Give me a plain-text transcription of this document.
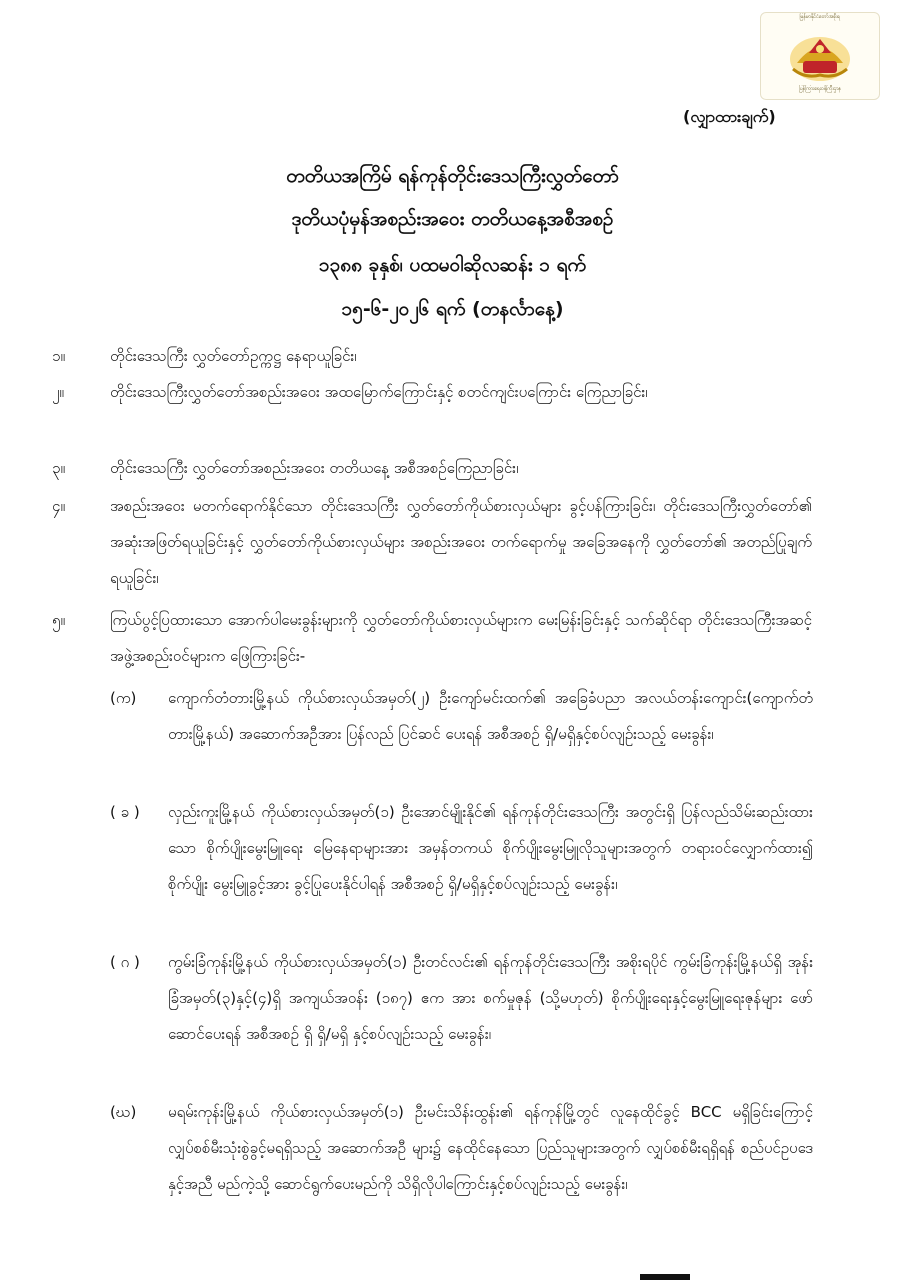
မြန်မာနိုင်ငံတော်အစိုးရ
ပြန်ကြားရေးဝန်ကြီးဌာန
(လျှာထားချက်)
တတိယအကြိမ် ရန်ကုန်တိုင်းဒေသကြီးလွှတ်တော်
ဒုတိယပုံမှန်အစည်းအဝေး တတိယနေ့အစီအစဉ်
၁၃၈၈ ခုနှစ်၊ ပထမဝါဆိုလဆန်း ၁ ရက်
၁၅-၆-၂၀၂၆ ရက် (တနင်္လာနေ့)
၁။	တိုင်းဒေသကြီး လွှတ်တော်ဥက္ကဋ္ဌ နေရာယူခြင်း၊
၂။	တိုင်းဒေသကြီးလွှတ်တော်အစည်းအဝေး အထမြောက်ကြောင်းနှင့် စတင်ကျင်းပကြောင်း ကြေညာခြင်း၊
၃။	တိုင်းဒေသကြီး လွှတ်တော်အစည်းအဝေး တတိယနေ့ အစီအစဉ်ကြေညာခြင်း၊
၄။	အစည်းအဝေး မတက်ရောက်နိုင်သော တိုင်းဒေသကြီး လွှတ်တော်ကိုယ်စားလှယ်များ ခွင့်ပန်ကြားခြင်း၊ တိုင်းဒေသကြီးလွှတ်တော်၏ အဆုံးအဖြတ်ရယူခြင်းနှင့် လွှတ်တော်ကိုယ်စားလှယ်များ အစည်းအဝေး တက်ရောက်မှု အခြေအနေကို လွှတ်တော်၏ အတည်ပြုချက်ရယူခြင်း၊
၅။	ကြယ်ပွင့်ပြထားသော အောက်ပါမေးခွန်းများကို လွှတ်တော်ကိုယ်စားလှယ်များက မေးမြန်းခြင်းနှင့် သက်ဆိုင်ရာ တိုင်းဒေသကြီးအဆင့် အဖွဲ့အစည်းဝင်များက ဖြေကြားခြင်း-
(က)	ကျောက်တံတားမြို့နယ် ကိုယ်စားလှယ်အမှတ်(၂) ဦးကျော်မင်းထက်၏ အခြေခံပညာ အလယ်တန်းကျောင်း(ကျောက်တံတားမြို့နယ်) အဆောက်အဦအား ပြန်လည် ပြင်ဆင် ပေးရန် အစီအစဉ် ရှိ/မရှိနှင့်စပ်လျဉ်းသည့် မေးခွန်း၊
( ခ )	လှည်းကူးမြို့နယ် ကိုယ်စားလှယ်အမှတ်(၁) ဦးအောင်မျိုးနိုင်၏ ရန်ကုန်တိုင်းဒေသကြီး အတွင်းရှိ ပြန်လည်သိမ်းဆည်းထားသော စိုက်ပျိုးမွေးမြူရေး မြေနေရာများအား အမှန်တကယ် စိုက်ပျိုးမွေးမြူလိုသူများအတွက် တရားဝင်လျှောက်ထား၍ စိုက်ပျိုး မွေးမြူခွင့်အား ခွင့်ပြုပေးနိုင်ပါရန် အစီအစဉ် ရှိ/မရှိနှင့်စပ်လျဉ်းသည့် မေးခွန်း၊
( ဂ )	ကွမ်းခြံကုန်းမြို့နယ် ကိုယ်စားလှယ်အမှတ်(၁) ဦးတင်လင်း၏ ရန်ကုန်တိုင်းဒေသကြီး အစိုးရပိုင် ကွမ်းခြံကုန်းမြို့နယ်ရှိ အုန်းခြံအမှတ်(၃)နှင့်(၄)ရှိ အကျယ်အဝန်း (၁၈၇) ဧက အား စက်မှုဇုန် (သို့မဟုတ်) စိုက်ပျိုးရေးနှင့်မွေးမြူရေးဇုန်များ ဖော်ဆောင်ပေးရန် အစီအစဉ် ရှိ ရှိ/မရှိ နှင့်စပ်လျဉ်းသည့် မေးခွန်း၊
(ဃ)	မရမ်းကုန်းမြို့နယ် ကိုယ်စားလှယ်အမှတ်(၁) ဦးမင်းသိန်းထွန်း၏ ရန်ကုန်မြို့တွင် လူနေထိုင်ခွင့် BCC မရှိခြင်းကြောင့် လျှပ်စစ်မီးသုံးစွဲခွင့်မရရှိသည့် အဆောက်အဦ များ၌ နေထိုင်နေသော ပြည်သူများအတွက် လျှပ်စစ်မီးရရှိရန် စည်ပင်ဥပဒေနှင့်အညီ မည်ကဲ့သို့ ဆောင်ရွက်ပေးမည်ကို သိရှိလိုပါကြောင်းနှင့်စပ်လျဉ်းသည့် မေးခွန်း၊
